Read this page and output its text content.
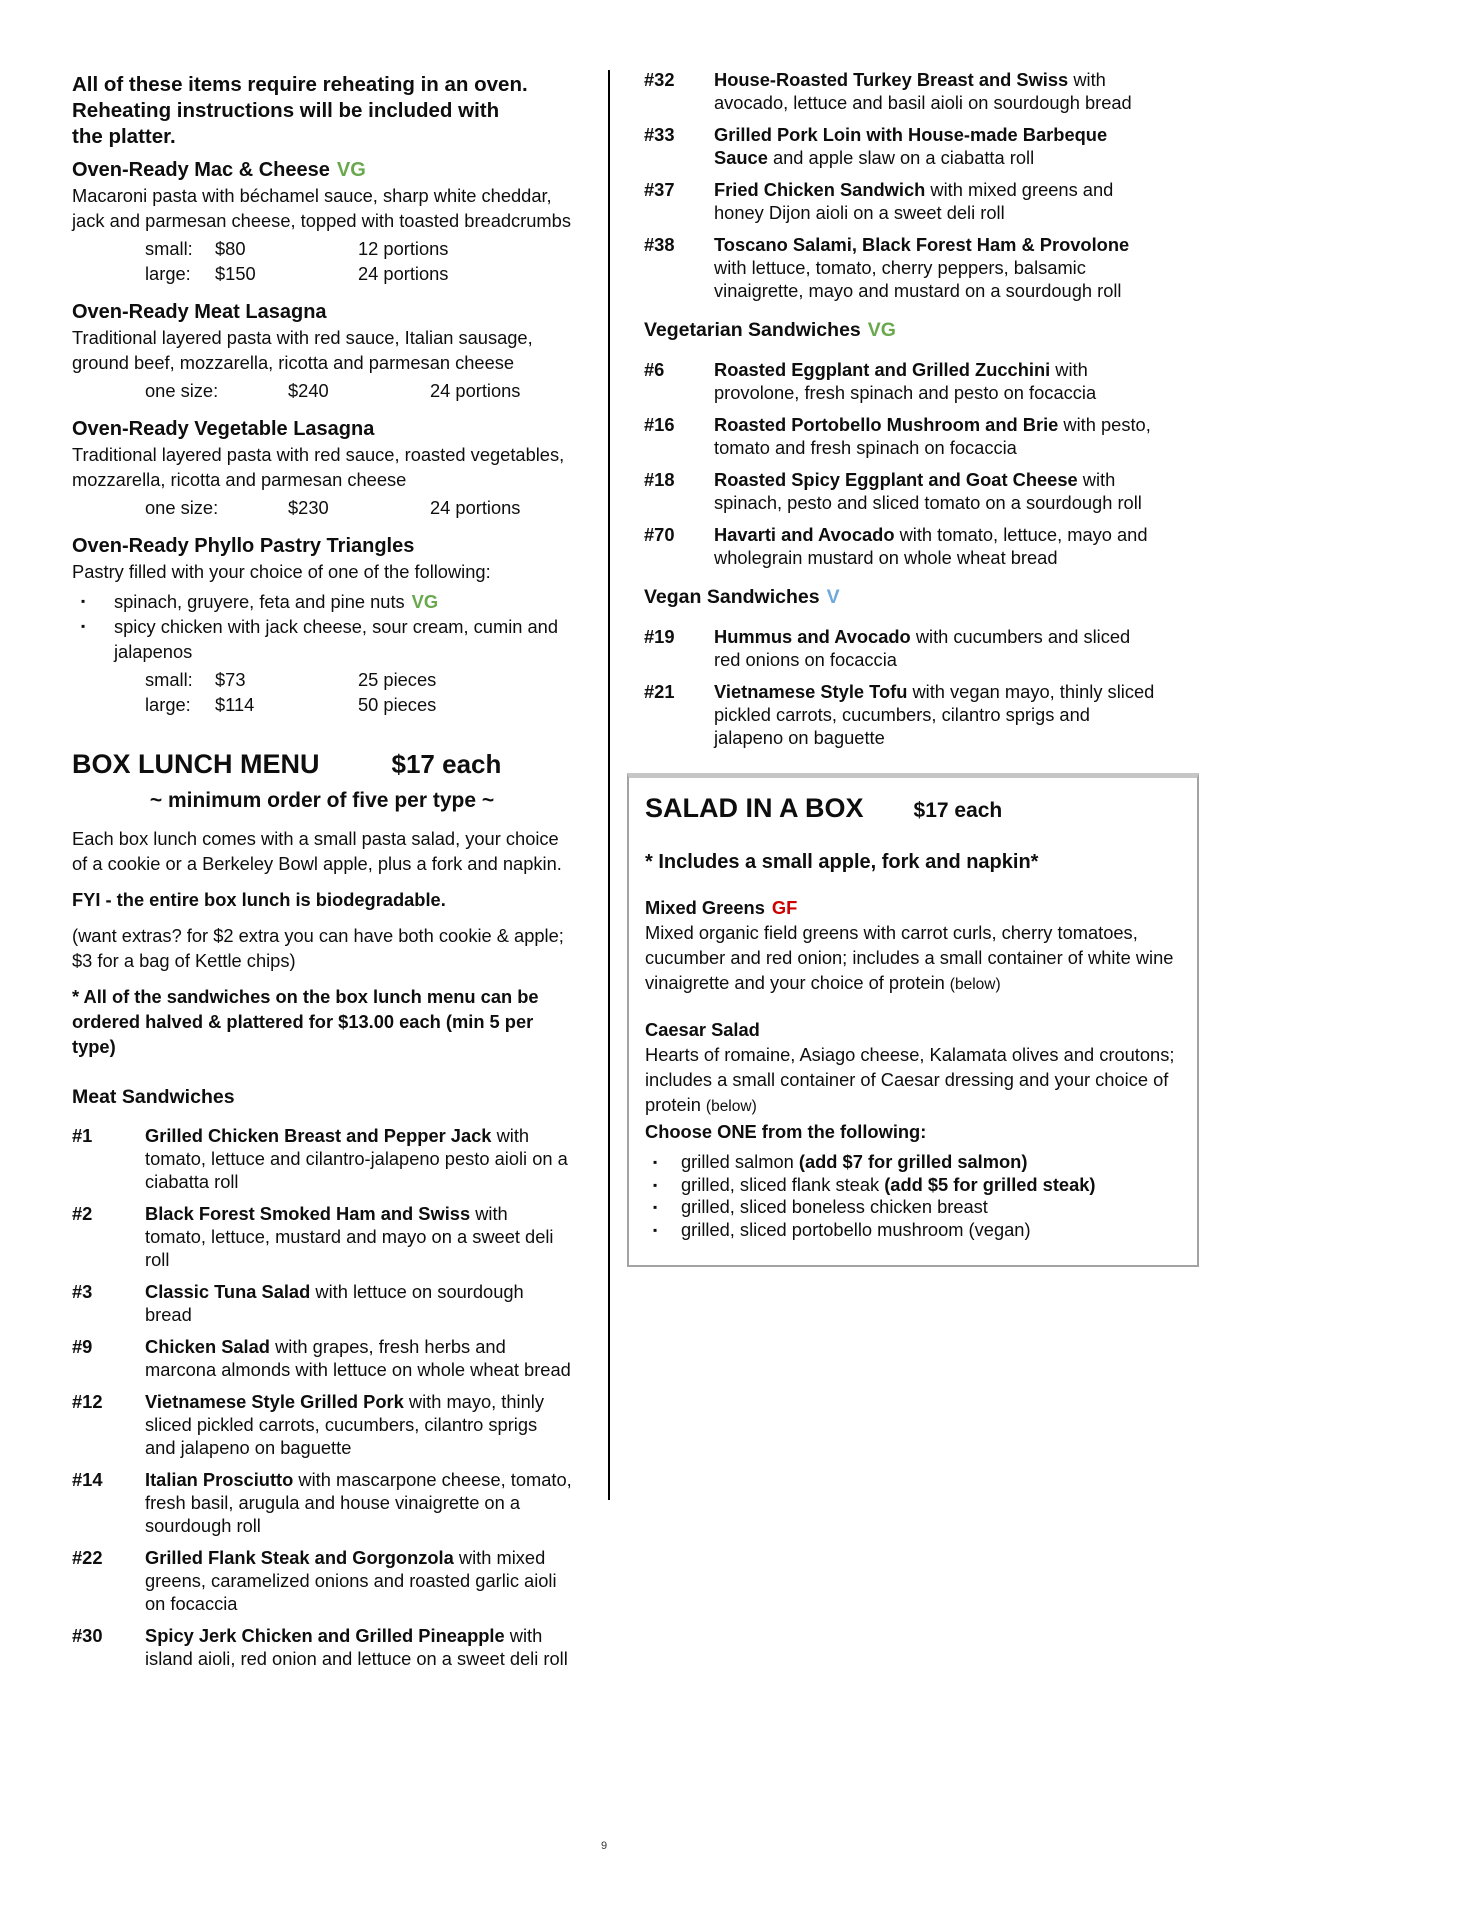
All of these items require reheating in an oven.
Reheating instructions will be included with
the platter.
Oven-Ready Mac & Cheese VG
Macaroni pasta with béchamel sauce, sharp white cheddar, jack and parmesan cheese, topped with toasted breadcrumbs
small:	$80	12 portions
large:	$150	24 portions
Oven-Ready Meat Lasagna
Traditional layered pasta with red sauce, Italian sausage, ground beef, mozzarella, ricotta and parmesan cheese
one size:	$240	24 portions
Oven-Ready Vegetable Lasagna
Traditional layered pasta with red sauce, roasted vegetables, mozzarella, ricotta and parmesan cheese
one size:	$230	24 portions
Oven-Ready Phyllo Pastry Triangles
Pastry filled with your choice of one of the following:
▪	spinach, gruyere, feta and pine nuts VG
▪	spicy chicken with jack cheese, sour cream, cumin and jalapenos
small:	$73	25 pieces
large:	$114	50 pieces
BOX LUNCH MENU	$17 each
~ minimum order of five per type ~
Each box lunch comes with a small pasta salad, your choice of a cookie or a Berkeley Bowl apple, plus a fork and napkin.
FYI - the entire box lunch is biodegradable.
(want extras? for $2 extra you can have both cookie & apple; $3 for a bag of Kettle chips)
* All of the sandwiches on the box lunch menu can be ordered halved & plattered for $13.00 each (min 5 per type)
Meat Sandwiches
#1	Grilled Chicken Breast and Pepper Jack with tomato, lettuce and cilantro-jalapeno pesto aioli on a ciabatta roll
#2	Black Forest Smoked Ham and Swiss with tomato, lettuce, mustard and mayo on a sweet deli roll
#3	Classic Tuna Salad with lettuce on sourdough bread
#9	Chicken Salad with grapes, fresh herbs and marcona almonds with lettuce on whole wheat bread
#12	Vietnamese Style Grilled Pork with mayo, thinly sliced pickled carrots, cucumbers, cilantro sprigs and jalapeno on baguette
#14	Italian Prosciutto with mascarpone cheese, tomato, fresh basil, arugula and house vinaigrette on a sourdough roll
#22	Grilled Flank Steak and Gorgonzola with mixed greens, caramelized onions and roasted garlic aioli on focaccia
#30	Spicy Jerk Chicken and Grilled Pineapple with island aioli, red onion and lettuce on a sweet deli roll
#32	House-Roasted Turkey Breast and Swiss with avocado, lettuce and basil aioli on sourdough bread
#33	Grilled Pork Loin with House-made Barbeque Sauce and apple slaw on a ciabatta roll
#37	Fried Chicken Sandwich with mixed greens and honey Dijon aioli on a sweet deli roll
#38	Toscano Salami, Black Forest Ham & Provolone with lettuce, tomato, cherry peppers, balsamic vinaigrette, mayo and mustard on a sourdough roll
Vegetarian Sandwiches VG
#6	Roasted Eggplant and Grilled Zucchini with provolone, fresh spinach and pesto on focaccia
#16	Roasted Portobello Mushroom and Brie with pesto, tomato and fresh spinach on focaccia
#18	Roasted Spicy Eggplant and Goat Cheese with spinach, pesto and sliced tomato on a sourdough roll
#70	Havarti and Avocado with tomato, lettuce, mayo and wholegrain mustard on whole wheat bread
Vegan Sandwiches V
#19	Hummus and Avocado with cucumbers and sliced red onions on focaccia
#21	Vietnamese Style Tofu with vegan mayo, thinly sliced pickled carrots, cucumbers, cilantro sprigs and jalapeno on baguette
SALAD IN A BOX $17 each
* Includes a small apple, fork and napkin*
Mixed Greens GF
Mixed organic field greens with carrot curls, cherry tomatoes, cucumber and red onion; includes a small container of white wine vinaigrette and your choice of protein (below)
Caesar Salad
Hearts of romaine, Asiago cheese, Kalamata olives and croutons; includes a small container of Caesar dressing and your choice of protein (below)
Choose ONE from the following:
▪	grilled salmon (add $7 for grilled salmon)
▪	grilled, sliced flank steak (add $5 for grilled steak)
▪	grilled, sliced boneless chicken breast
▪	grilled, sliced portobello mushroom (vegan)
9
